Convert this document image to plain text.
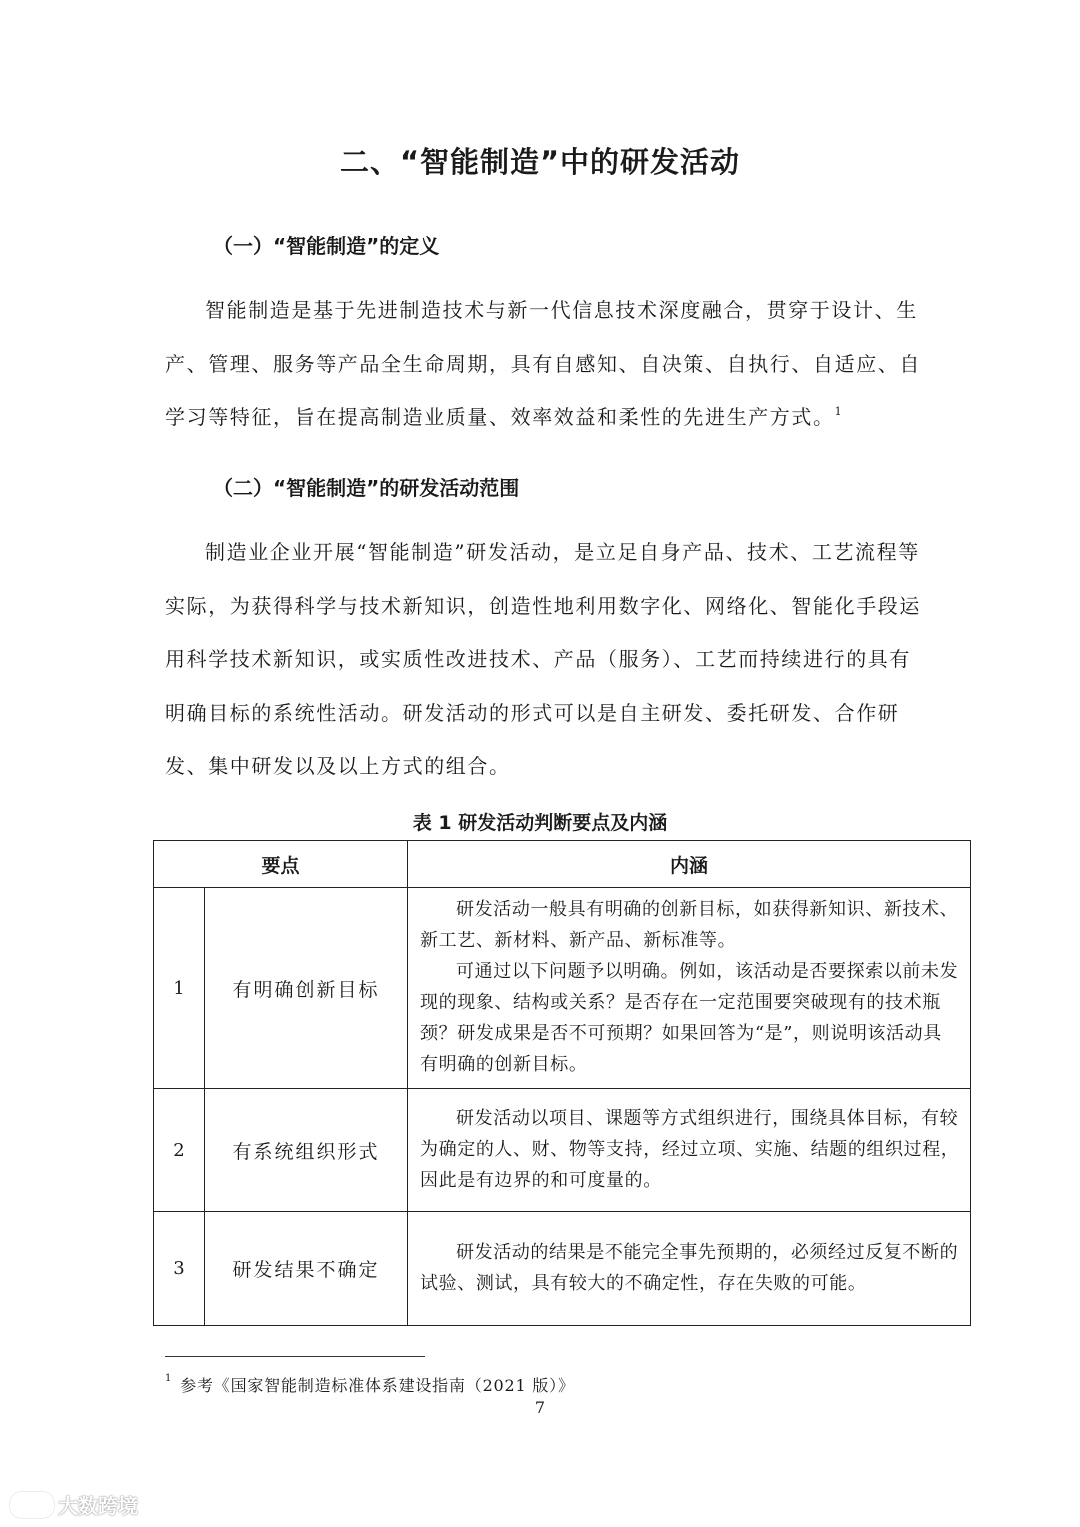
二、“智能制造”中的研发活动
（一）“智能制造”的定义
智能制造是基于先进制造技术与新一代信息技术深度融合，贯穿于设计、生产、管理、服务等产品全生命周期，具有自感知、自决策、自执行、自适应、自学习等特征，旨在提高制造业质量、效率效益和柔性的先进生产方式。$^1$
（二）“智能制造”的研发活动范围
制造业企业开展“智能制造”研发活动，是立足自身产品、技术、工艺流程等实际，为获得科学与技术新知识，创造性地利用数字化、网络化、智能化手段运用科学技术新知识，或实质性改进技术、产品（服务）、工艺而持续进行的具有明确目标的系统性活动。研发活动的形式可以是自主研发、委托研发、合作研发、集中研发以及以上方式的组合。
表 1 研发活动判断要点及内涵
要点		内涵
1	有明确创新目标	研发活动一般具有明确的创新目标，如获得新知识、新技术、新工艺、新材料、新产品、新标准等。

可通过以下问题予以明确。例如，该活动是否要探索以前未发现的现象、结构或关系？是否存在一定范围要突破现有的技术瓶颈？研发成果是否不可预期？如果回答为“是”，则说明该活动具有明确的创新目标。

2	有系统组织形式	研发活动以项目、课题等方式组织进行，围绕具体目标，有较为确定的人、财、物等支持，经过立项、实施、结题的组织过程，因此是有边界的和可度量的。

3	研发结果不确定	研发活动的结果是不能完全事先预期的，必须经过反复不断的试验、测试，具有较大的不确定性，存在失败的可能。

$^1$ 参考《国家智能制造标准体系建设指南（2021 版）》
7
大数跨境
